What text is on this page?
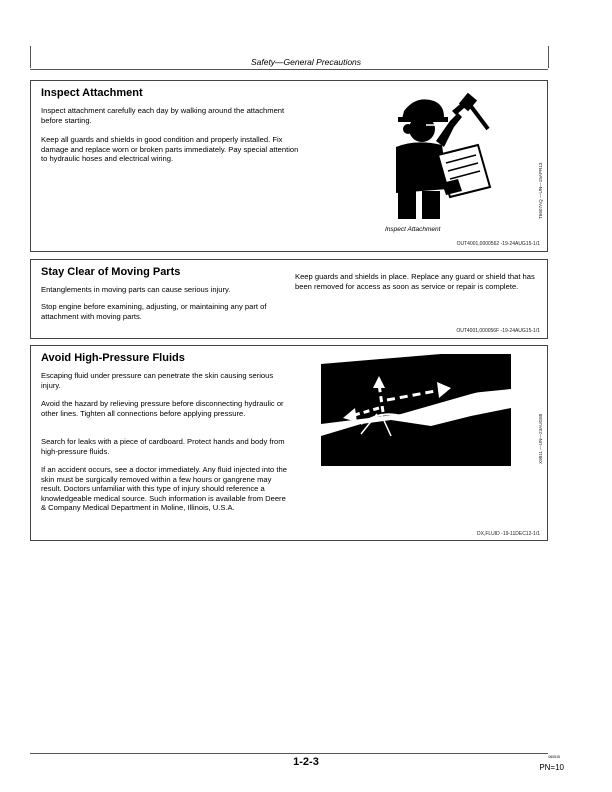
Safety—General Precautions
Inspect Attachment

Inspect attachment carefully each day by walking around the attachment before starting.

Keep all guards and shields in good condition and properly installed. Fix damage and replace worn or broken parts immediately. Pay special attention to hydraulic hoses and electrical wiring.

T6607AQ —UN—15APR13
Inspect Attachment
OUT4001,0000562 -19-24AUG15-1/1
Stay Clear of Moving Parts

Entanglements in moving parts can cause serious injury.

Stop engine before examining, adjusting, or maintaining any part of attachment with moving parts.

Keep guards and shields in place. Replace any guard or shield that has been removed for access as soon as service or repair is complete.

OUT4001,000056F -19-24AUG15-1/1
Avoid High-Pressure Fluids

Escaping fluid under pressure can penetrate the skin causing serious injury.

Avoid the hazard by relieving pressure before disconnecting hydraulic or other lines. Tighten all connections before applying pressure.

Search for leaks with a piece of cardboard. Protect hands and body from high-pressure fluids.

If an accident occurs, see a doctor immediately. Any fluid injected into the skin must be surgically removed within a few hours or gangrene may result. Doctors unfamiliar with this type of injury should reference a knowledgeable medical source. Such information is available from Deere & Company Medical Department in Moline, Illinois, U.S.A.

X9811 —UN—23AUG88
DX,FLUID -19-11DEC12-1/1
1-2-3	060515
PN=10
